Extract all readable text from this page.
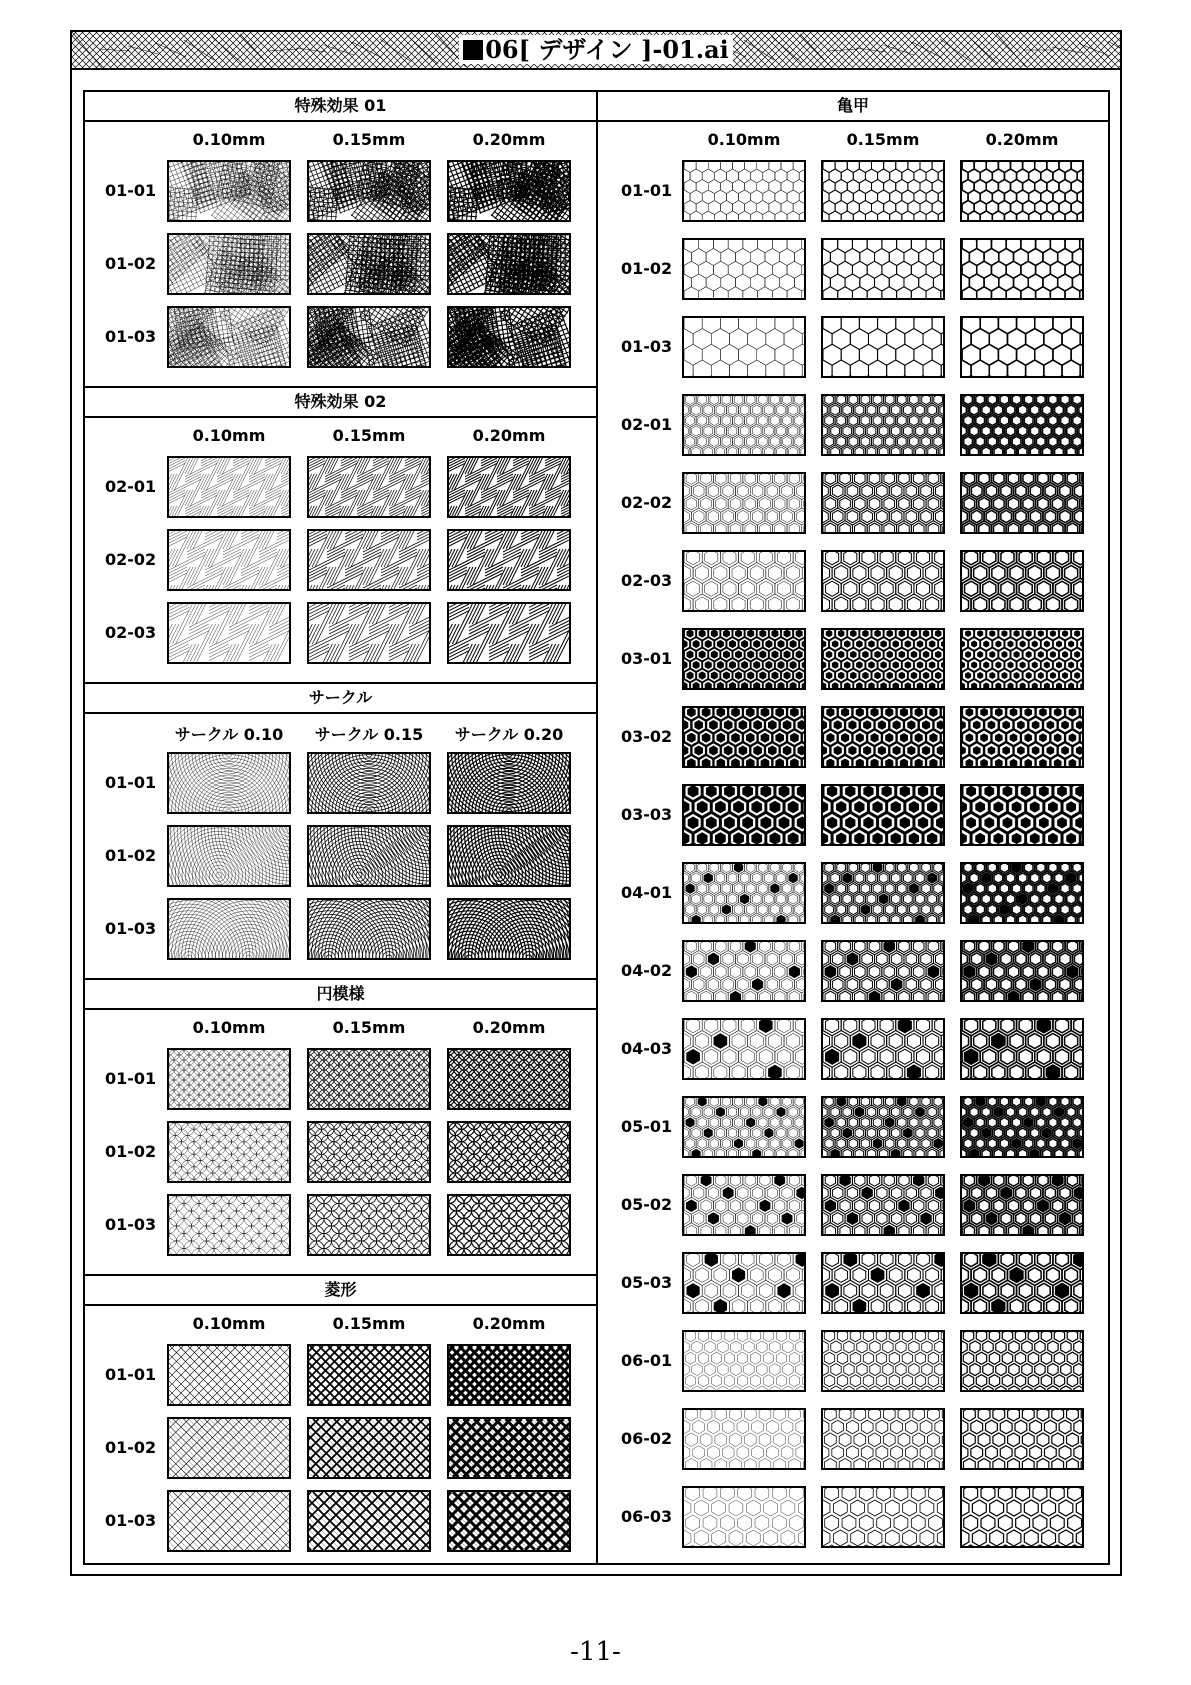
06[ デザイン ]-01.ai
特殊効果 01
0.10mm	0.15mm	0.20mm
01-01
01-02
01-03
特殊効果 02
0.10mm	0.15mm	0.20mm
02-01
02-02
02-03
サークル
サークル 0.10	サークル 0.15	サークル 0.20
01-01
01-02
01-03
円模様
0.10mm	0.15mm	0.20mm
01-01
01-02
01-03
菱形
0.10mm	0.15mm	0.20mm
01-01
01-02
01-03
亀甲
0.10mm	0.15mm	0.20mm
01-01
01-02
01-03
02-01
02-02
02-03
03-01
03-02
03-03
04-01
04-02
04-03
05-01
05-02
05-03
06-01
06-02
06-03
-11-
